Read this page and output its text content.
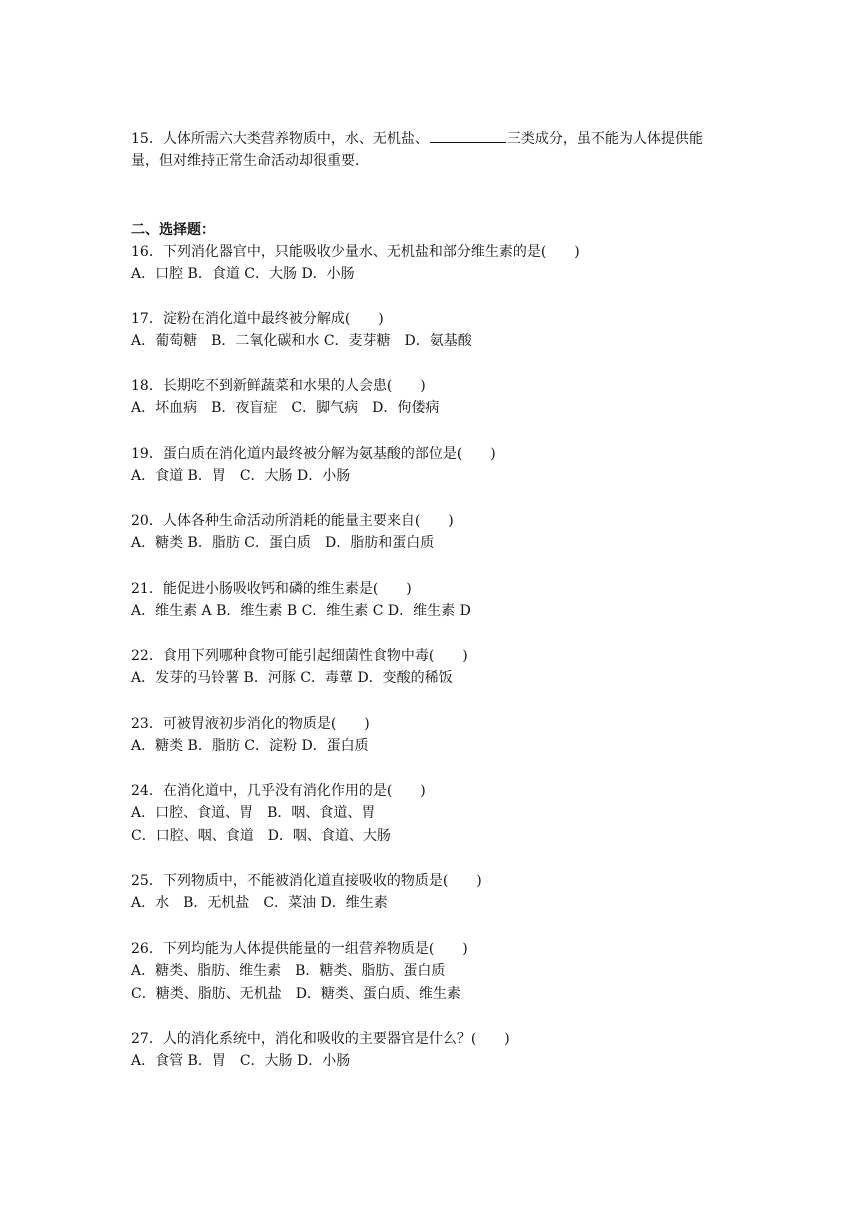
15．人体所需六大类营养物质中，水、无机盐、	三类成分，虽不能为人体提供能
量，但对维持正常生命活动却很重要．
二、选择题：
16．下列消化器官中，只能吸收少量水、无机盐和部分维生素的是(　　)
A．口腔 B．食道 C．大肠 D．小肠
17．淀粉在消化道中最终被分解成(　　)
A．葡萄糖　B．二氧化碳和水 C．麦芽糖　D．氨基酸
18．长期吃不到新鲜蔬菜和水果的人会患(　　)
A．坏血病　B．夜盲症　C．脚气病　D．佝偻病
19．蛋白质在消化道内最终被分解为氨基酸的部位是(　　)
A．食道 B．胃　C．大肠 D．小肠
20．人体各种生命活动所消耗的能量主要来自(　　)
A．糖类 B．脂肪 C．蛋白质　D．脂肪和蛋白质
21．能促进小肠吸收钙和磷的维生素是(　　)
A．维生素 A B．维生素 B C．维生素 C D．维生素 D
22．食用下列哪种食物可能引起细菌性食物中毒(　　)
A．发芽的马铃薯 B．河豚 C．毒蕈 D．变酸的稀饭
23．可被胃液初步消化的物质是(　　)
A．糖类 B．脂肪 C．淀粉 D．蛋白质
24．在消化道中，几乎没有消化作用的是(　　)
A．口腔、食道、胃　B．咽、食道、胃
C．口腔、咽、食道　D．咽、食道、大肠
25．下列物质中，不能被消化道直接吸收的物质是(　　)
A．水　B．无机盐　C．菜油 D．维生素
26．下列均能为人体提供能量的一组营养物质是(　　)
A．糖类、脂肪、维生素　B．糖类、脂肪、蛋白质
C．糖类、脂肪、无机盐　D．糖类、蛋白质、维生素
27．人的消化系统中，消化和吸收的主要器官是什么？(　　)
A．食管 B．胃　C．大肠 D．小肠
